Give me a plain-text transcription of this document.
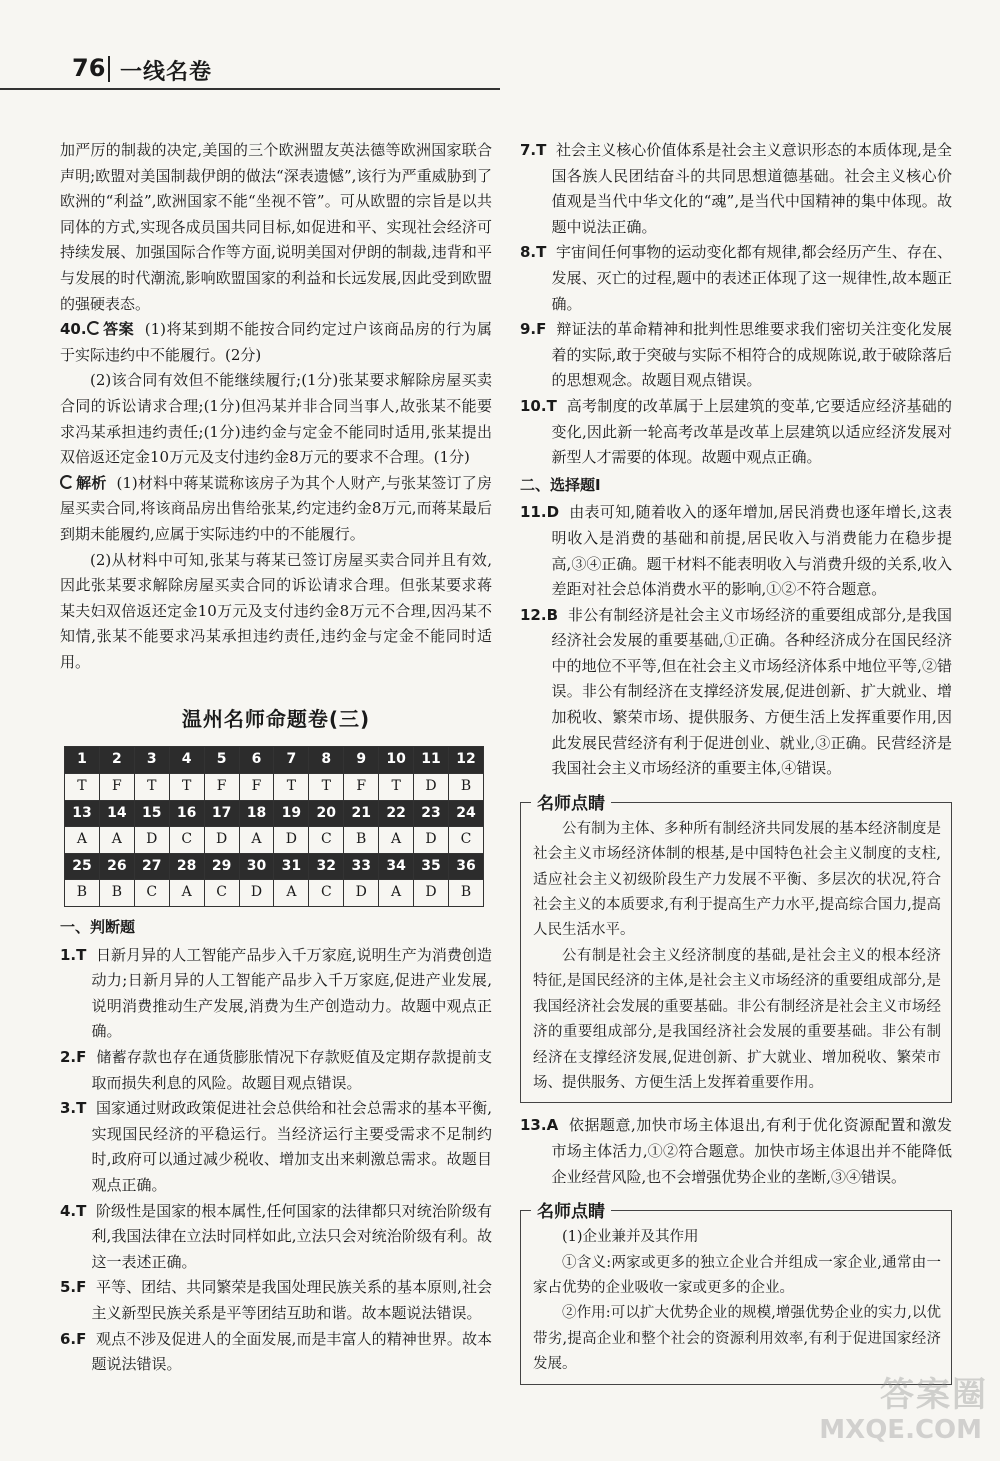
76 一线名卷

加严厉的制裁的决定,美国的三个欧洲盟友英法德等欧洲国家联合声明;欧盟对美国制裁伊朗的做法“深表遗憾”,该行为严重威胁到了欧洲的“利益”,欧洲国家不能“坐视不管”。可从欧盟的宗旨是以共同体的方式,实现各成员国共同目标,如促进和平、实现社会经济可持续发展、加强国际合作等方面,说明美国对伊朗的制裁,违背和平与发展的时代潮流,影响欧盟国家的利益和长远发展,因此受到欧盟的强硬表态。

40. 答案 (1)将某到期不能按合同约定过户该商品房的行为属于实际违约中不能履行。(2分)

(2)该合同有效但不能继续履行;(1分)张某要求解除房屋买卖合同的诉讼请求合理;(1分)但冯某并非合同当事人,故张某不能要求冯某承担违约责任;(1分)违约金与定金不能同时适用,张某提出双倍返还定金10万元及支付违约金8万元的要求不合理。(1分)

解析 (1)材料中蒋某谎称该房子为其个人财产,与张某签订了房屋买卖合同,将该商品房出售给张某,约定违约金8万元,而蒋某最后到期未能履约,应属于实际违约中的不能履行。

(2)从材料中可知,张某与蒋某已签订房屋买卖合同并且有效,因此张某要求解除房屋买卖合同的诉讼请求合理。但张某要求蒋某夫妇双倍返还定金10万元及支付违约金8万元不合理,因冯某不知情,张某不能要求冯某承担违约责任,违约金与定金不能同时适用。

温州名师命题卷(三)
1	2	3	4	5	6	7	8	9	10	11	12
T	F	T	T	F	F	T	T	F	T	D	B
13	14	15	16	17	18	19	20	21	22	23	24
A	A	D	C	D	A	D	C	B	A	D	C
25	26	27	28	29	30	31	32	33	34	35	36
B	B	C	A	C	D	A	C	D	A	D	B

一、判断题

1.T 日新月异的人工智能产品步入千万家庭,说明生产为消费创造动力;日新月异的人工智能产品步入千万家庭,促进产业发展,说明消费推动生产发展,消费为生产创造动力。故题中观点正确。

2.F 储蓄存款也存在通货膨胀情况下存款贬值及定期存款提前支取而损失利息的风险。故题目观点错误。

3.T 国家通过财政政策促进社会总供给和社会总需求的基本平衡,实现国民经济的平稳运行。当经济运行主要受需求不足制约时,政府可以通过减少税收、增加支出来刺激总需求。故题目观点正确。

4.T 阶级性是国家的根本属性,任何国家的法律都只对统治阶级有利,我国法律在立法时同样如此,立法只会对统治阶级有利。故这一表述正确。

5.F 平等、团结、共同繁荣是我国处理民族关系的基本原则,社会主义新型民族关系是平等团结互助和谐。故本题说法错误。

6.F 观点不涉及促进人的全面发展,而是丰富人的精神世界。故本题说法错误。

7.T 社会主义核心价值体系是社会主义意识形态的本质体现,是全国各族人民团结奋斗的共同思想道德基础。社会主义核心价值观是当代中华文化的“魂”,是当代中国精神的集中体现。故题中说法正确。

8.T 宇宙间任何事物的运动变化都有规律,都会经历产生、存在、发展、灭亡的过程,题中的表述正体现了这一规律性,故本题正确。

9.F 辩证法的革命精神和批判性思维要求我们密切关注变化发展着的实际,敢于突破与实际不相符合的成规陈说,敢于破除落后的思想观念。故题目观点错误。

10.T 高考制度的改革属于上层建筑的变革,它要适应经济基础的变化,因此新一轮高考改革是改革上层建筑以适应经济发展对新型人才需要的体现。故题中观点正确。

二、选择题Ⅰ

11.D 由表可知,随着收入的逐年增加,居民消费也逐年增长,这表明收入是消费的基础和前提,居民收入与消费能力在稳步提高,③④正确。题干材料不能表明收入与消费升级的关系,收入差距对社会总体消费水平的影响,①②不符合题意。

12.B 非公有制经济是社会主义市场经济的重要组成部分,是我国经济社会发展的重要基础,①正确。各种经济成分在国民经济中的地位不平等,但在社会主义市场经济体系中地位平等,②错误。非公有制经济在支撑经济发展,促进创新、扩大就业、增加税收、繁荣市场、提供服务、方便生活上发挥重要作用,因此发展民营经济有利于促进创业、就业,③正确。民营经济是我国社会主义市场经济的重要主体,④错误。

名师点睛

公有制为主体、多种所有制经济共同发展的基本经济制度是社会主义市场经济体制的根基,是中国特色社会主义制度的支柱,适应社会主义初级阶段生产力发展不平衡、多层次的状况,符合社会主义的本质要求,有利于提高生产力水平,提高综合国力,提高人民生活水平。

公有制是社会主义经济制度的基础,是社会主义的根本经济特征,是国民经济的主体,是社会主义市场经济的重要组成部分,是我国经济社会发展的重要基础。非公有制经济是社会主义市场经济的重要组成部分,是我国经济社会发展的重要基础。非公有制经济在支撑经济发展,促进创新、扩大就业、增加税收、繁荣市场、提供服务、方便生活上发挥着重要作用。

13.A 依据题意,加快市场主体退出,有利于优化资源配置和激发市场主体活力,①②符合题意。加快市场主体退出并不能降低企业经营风险,也不会增强优势企业的垄断,③④错误。

名师点睛

(1)企业兼并及其作用

①含义:两家或更多的独立企业合并组成一家企业,通常由一家占优势的企业吸收一家或更多的企业。

②作用:可以扩大优势企业的规模,增强优势企业的实力,以优带劣,提高企业和整个社会的资源利用效率,有利于促进国家经济发展。

答案圈
MXQE.COM
